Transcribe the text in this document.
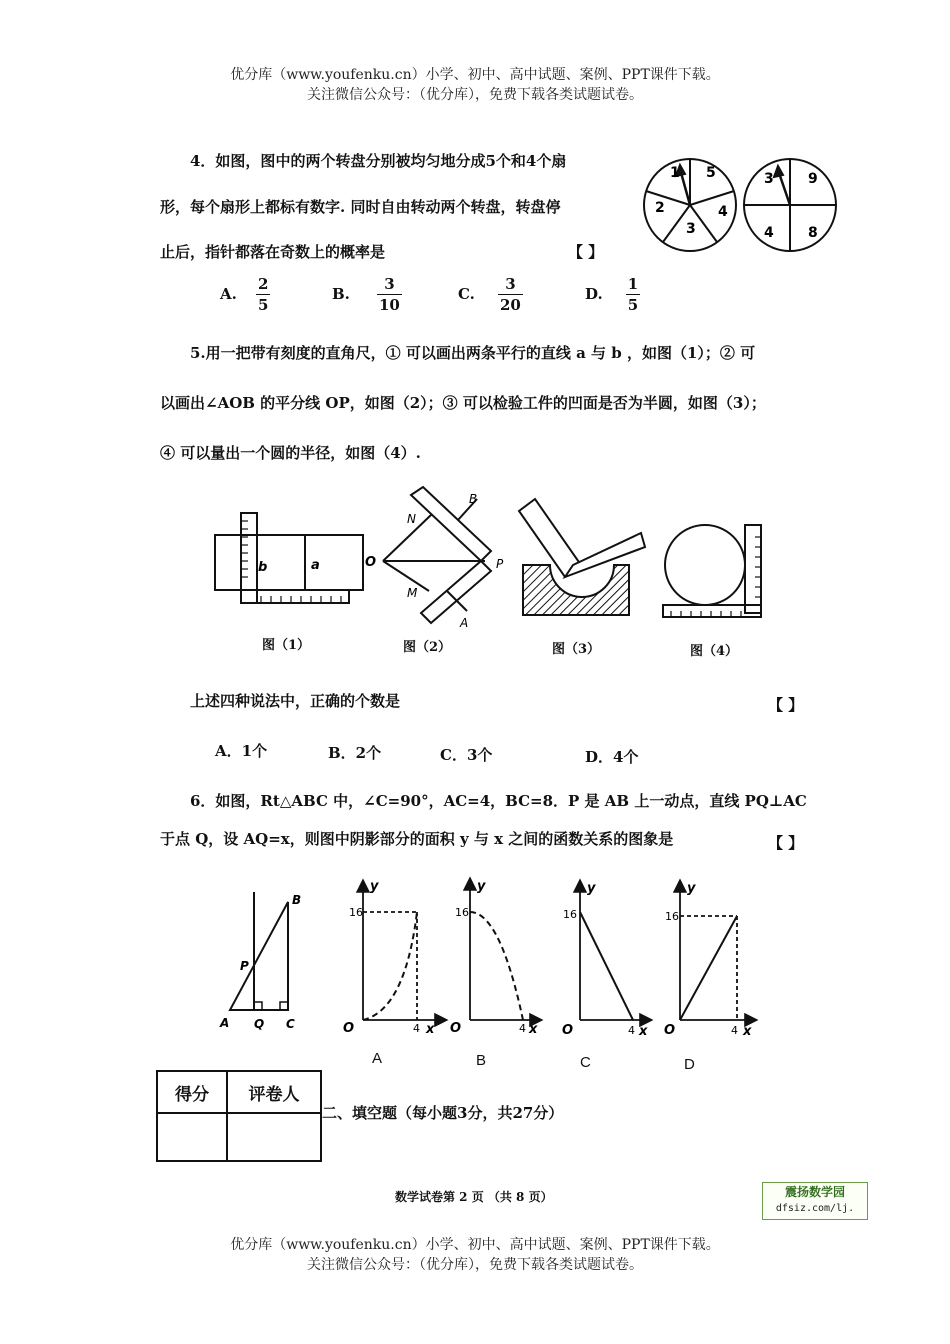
优分库（www.youfenku.cn）小学、初中、高中试题、案例、PPT课件下载。
关注微信公众号：（优分库），免费下载各类试题试卷。
4．如图，图中的两个转盘分别被均匀地分成5个和4个扇
形，每个扇形上都标有数字. 同时自由转动两个转盘，转盘停
止后，指针都落在奇数上的概率是	【 】
1 5
4
3
2
3 9
8
4
A. $\frac{2}{5}$	B. $\frac{3}{10}$	C. $\frac{3}{20}$	D. $\frac{1}{5}$
5.用一把带有刻度的直角尺，① 可以画出两条平行的直线 a 与 b ，如图（1）；② 可
以画出∠AOB 的平分线 OP，如图（2）；③ 可以检验工件的凹面是否为半圆，如图（3）；
④ 可以量出一个圆的半径，如图（4）.
b	a	O
B
N
P
M
A
图（1）	图（2）	图（3）	图（4）
上述四种说法中，正确的个数是	【 】
A．1个	B．2个	C．3个	D．4个
6．如图，Rt△ABC 中，∠C=90°，AC=4，BC=8．P 是 AB 上一动点，直线 PQ⊥AC
于点 Q，设 AQ=x，则图中阴影部分的面积 y 与 x 之间的函数关系的图象是	【 】
B
P
A Q C
y
16
O	4 x
y
16
O	4 x
y
16
O	4 x
y
16
O	4 x
A	B	C	D
得分	评卷人

二、填空题（每小题3分，共27分）
数学试卷第 2 页 （共 8 页）	震扬数学园
dfsiz.com/lj.
优分库（www.youfenku.cn）小学、初中、高中试题、案例、PPT课件下载。
关注微信公众号：（优分库），免费下载各类试题试卷。
